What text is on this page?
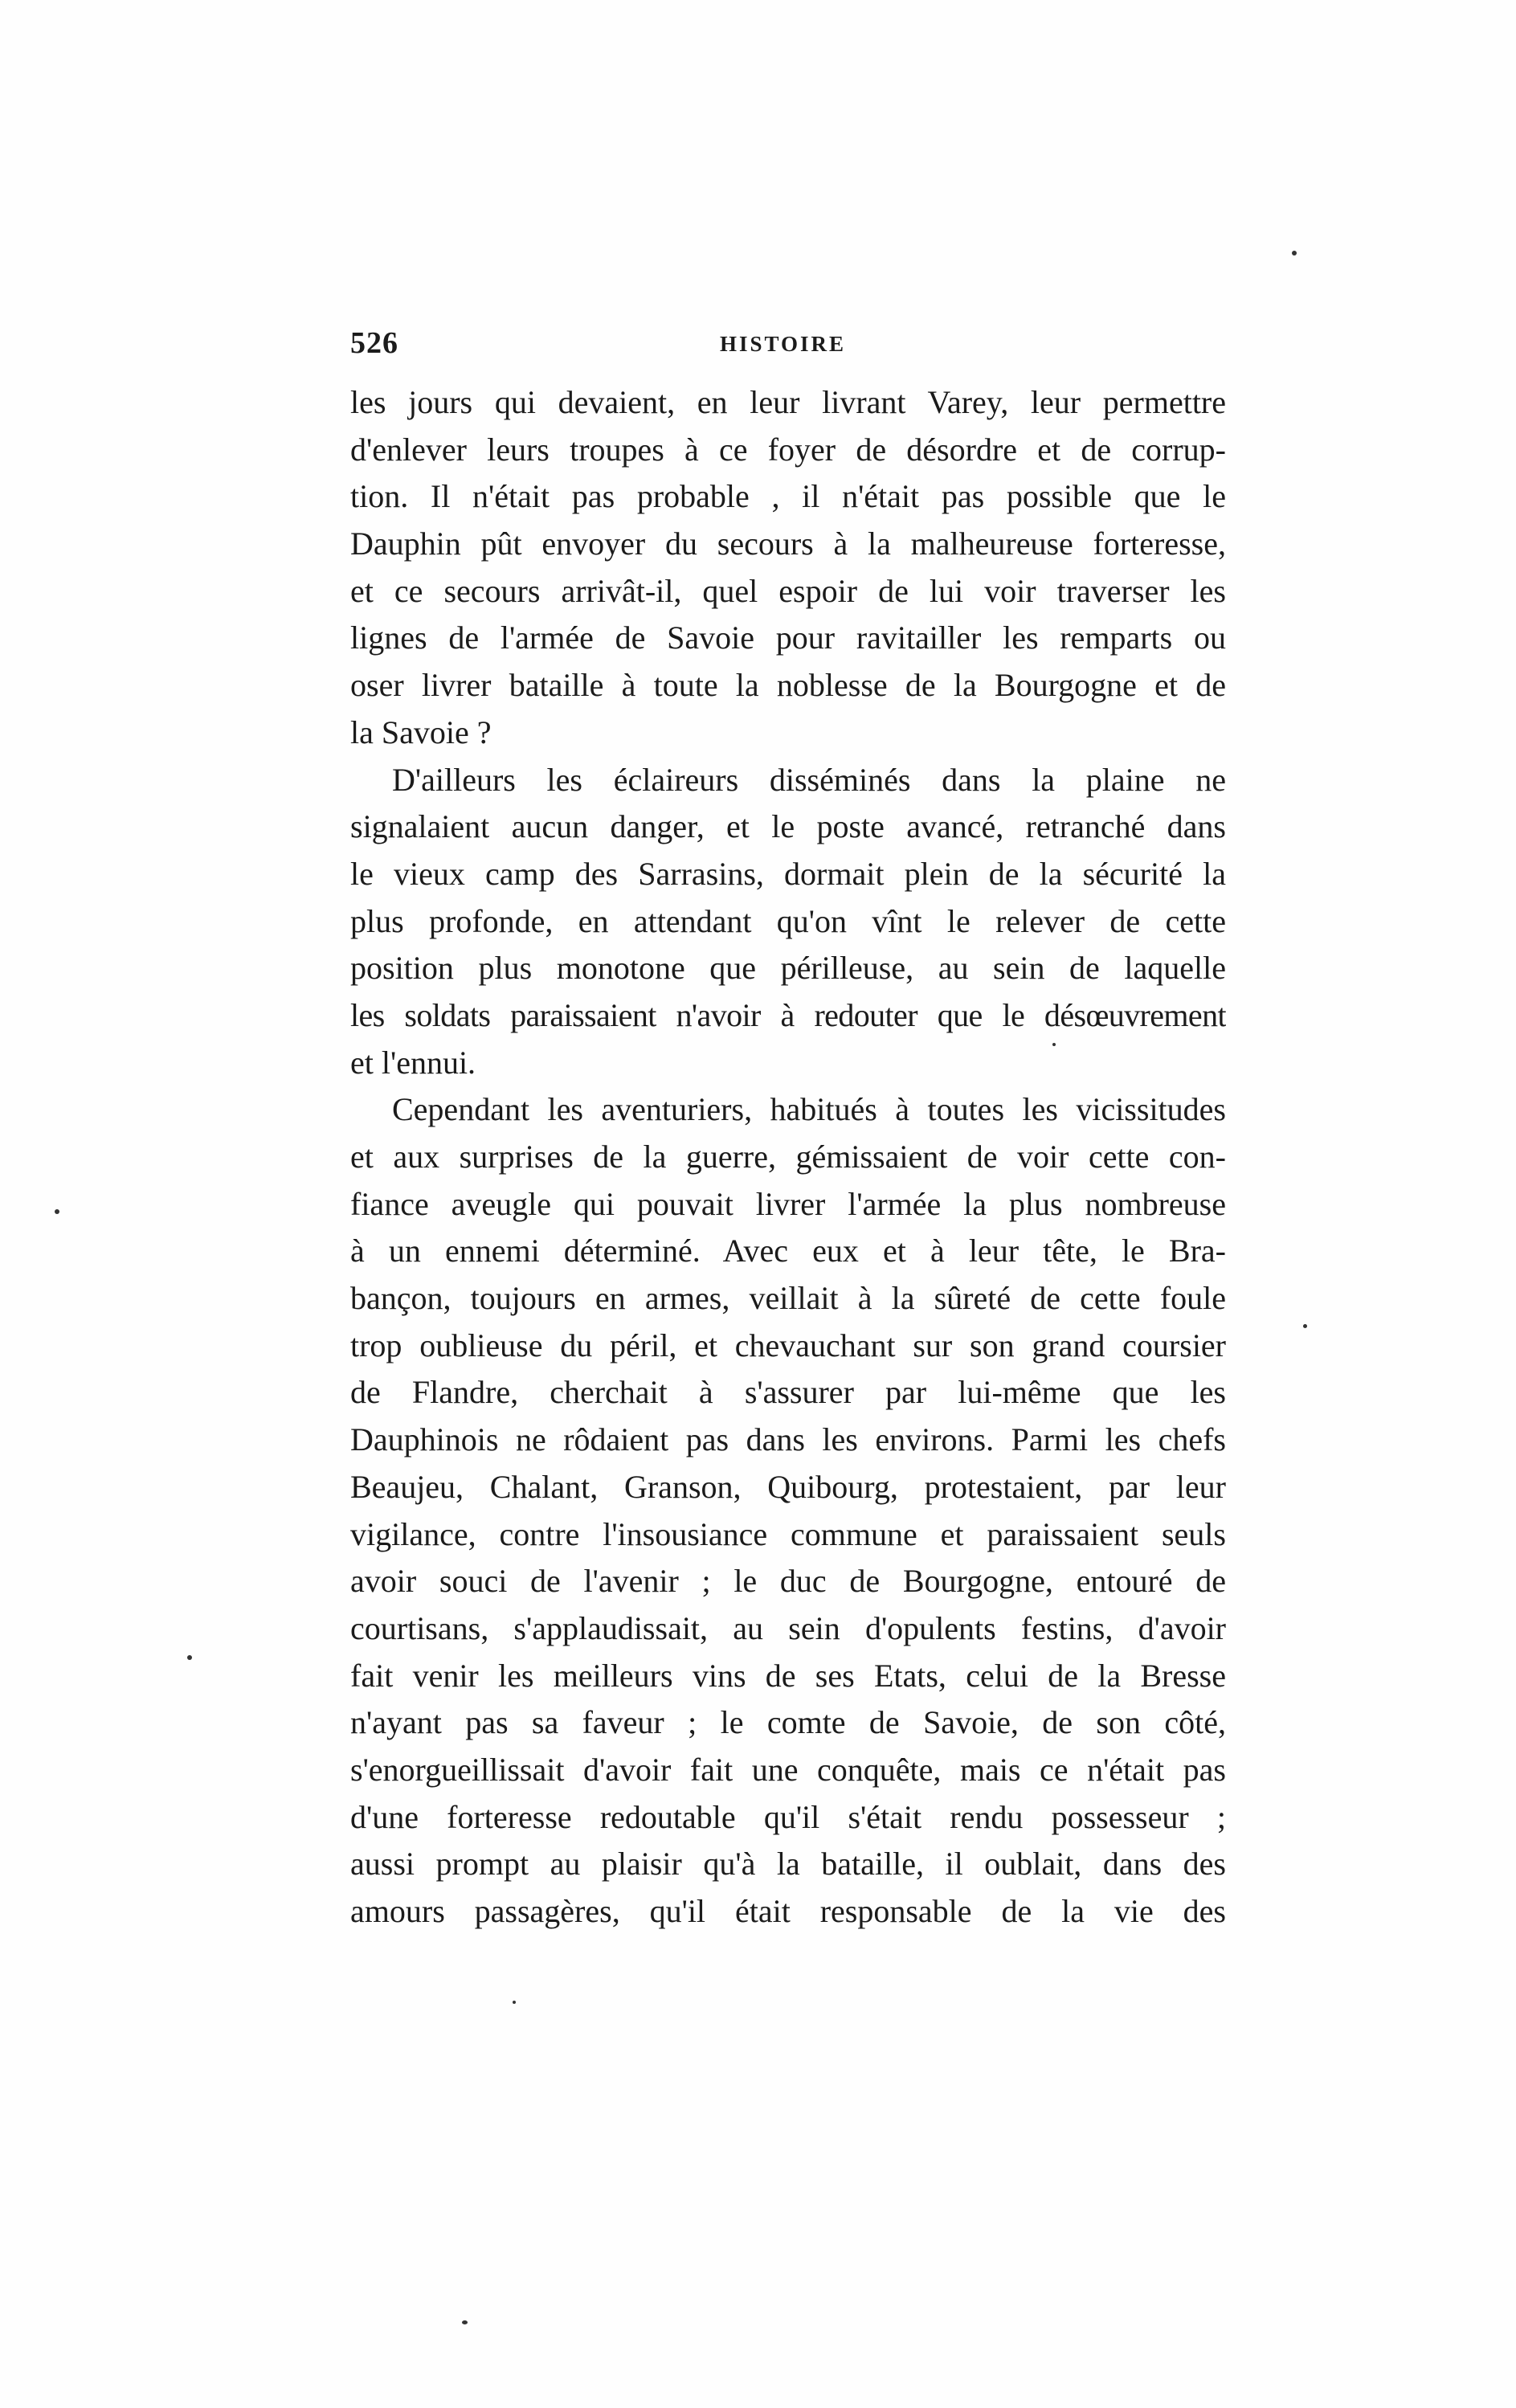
526	HISTOIRE
les jours qui devaient, en leur livrant Varey, leur permettre
d'enlever leurs troupes à ce foyer de désordre et de corrup-
tion. Il n'était pas probable , il n'était pas possible que le
Dauphin pût envoyer du secours à la malheureuse forteresse,
et ce secours arrivât-il, quel espoir de lui voir traverser les
lignes de l'armée de Savoie pour ravitailler les remparts ou
oser livrer bataille à toute la noblesse de la Bourgogne et de
la Savoie ?
D'ailleurs les éclaireurs disséminés dans la plaine ne
signalaient aucun danger, et le poste avancé, retranché dans
le vieux camp des Sarrasins, dormait plein de la sécurité la
plus profonde, en attendant qu'on vînt le relever de cette
position plus monotone que périlleuse, au sein de laquelle
les soldats paraissaient n'avoir à redouter que le désœuvrement
et l'ennui.
Cependant les aventuriers, habitués à toutes les vicissitudes
et aux surprises de la guerre, gémissaient de voir cette con-
fiance aveugle qui pouvait livrer l'armée la plus nombreuse
à un ennemi déterminé. Avec eux et à leur tête, le Bra-
bançon, toujours en armes, veillait à la sûreté de cette foule
trop oublieuse du péril, et chevauchant sur son grand coursier
de Flandre, cherchait à s'assurer par lui-même que les
Dauphinois ne rôdaient pas dans les environs. Parmi les chefs
Beaujeu, Chalant, Granson, Quibourg, protestaient, par leur
vigilance, contre l'insousiance commune et paraissaient seuls
avoir souci de l'avenir ; le duc de Bourgogne, entouré de
courtisans, s'applaudissait, au sein d'opulents festins, d'avoir
fait venir les meilleurs vins de ses Etats, celui de la Bresse
n'ayant pas sa faveur ; le comte de Savoie, de son côté,
s'enorgueillissait d'avoir fait une conquête, mais ce n'était pas
d'une forteresse redoutable qu'il s'était rendu possesseur ;
aussi prompt au plaisir qu'à la bataille, il oublait, dans des
amours passagères, qu'il était responsable de la vie des
